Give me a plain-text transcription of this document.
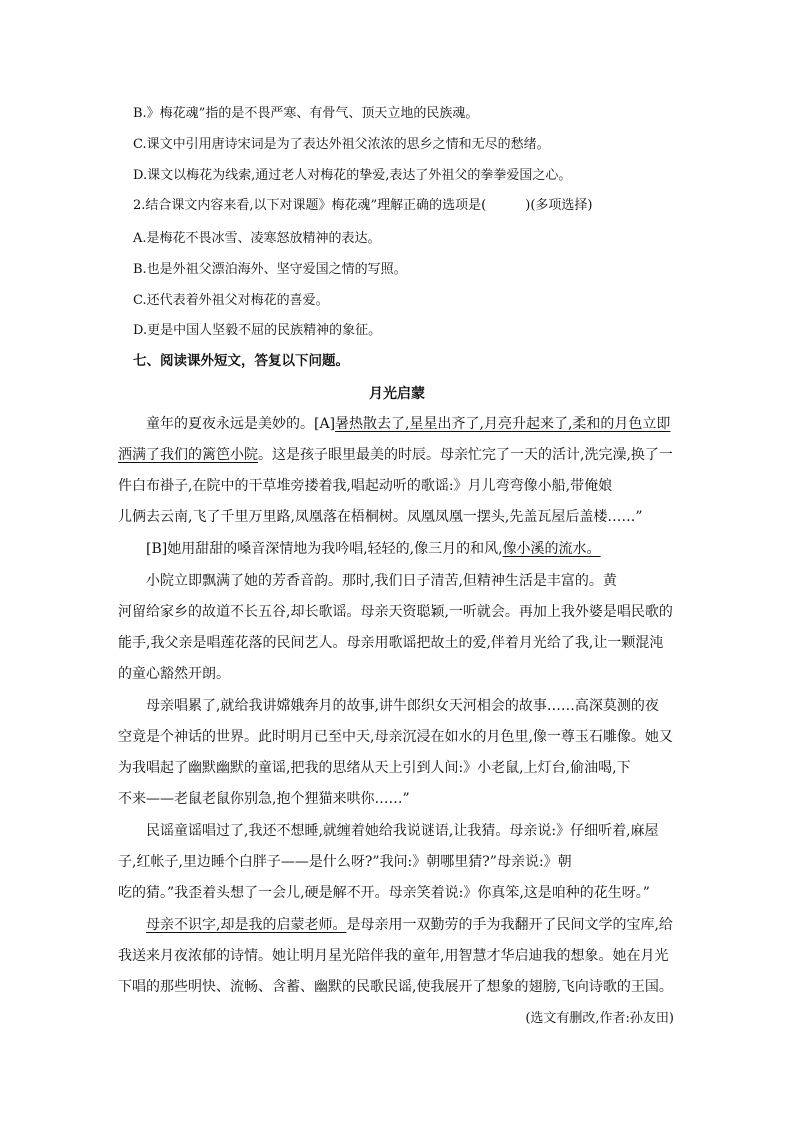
B.》梅花魂”指的是不畏严寒、有骨气、顶天立地的民族魂。
C.课文中引用唐诗宋词是为了表达外祖父浓浓的思乡之情和无尽的愁绪。
D.课文以梅花为线索,通过老人对梅花的挚爱,表达了外祖父的拳拳爱国之心。
2.结合课文内容来看,以下对课题》梅花魂”理解正确的选项是(　　　)(多项选择)
A.是梅花不畏冰雪、凌寒怒放精神的表达。
B.也是外祖父漂泊海外、坚守爱国之情的写照。
C.还代表着外祖父对梅花的喜爱。
D.更是中国人坚毅不屈的民族精神的象征。
七、阅读课外短文，答复以下问题。
月光启蒙
童年的夏夜永远是美妙的。[A]暑热散去了,星星出齐了,月亮升起来了,柔和的月色立即
洒满了我们的篱笆小院。这是孩子眼里最美的时辰。母亲忙完了一天的活计,洗完澡,换了一
件白布褂子,在院中的干草堆旁搂着我,唱起动听的歌谣:》月儿弯弯像小船,带俺娘
儿俩去云南,飞了千里万里路,凤凰落在梧桐树。凤凰凤凰一摆头,先盖瓦屋后盖楼……”
[B]她用甜甜的嗓音深情地为我吟唱,轻轻的,像三月的和风,像小溪的流水。
小院立即飘满了她的芳香音韵。那时,我们日子清苦,但精神生活是丰富的。黄
河留给家乡的故道不长五谷,却长歌谣。母亲天资聪颖,一听就会。再加上我外婆是唱民歌的
能手,我父亲是唱莲花落的民间艺人。母亲用歌谣把故土的爱,伴着月光给了我,让一颗混沌
的童心豁然开朗。
母亲唱累了,就给我讲嫦娥奔月的故事,讲牛郎织女天河相会的故事……高深莫测的夜
空竟是个神话的世界。此时明月已至中天,母亲沉浸在如水的月色里,像一尊玉石雕像。她又
为我唱起了幽默幽默的童谣,把我的思绪从天上引到人间:》小老鼠,上灯台,偷油喝,下
不来——老鼠老鼠你别急,抱个狸猫来哄你……”
民谣童谣唱过了,我还不想睡,就缠着她给我说谜语,让我猜。母亲说:》仔细听着,麻屋
子,红帐子,里边睡个白胖子——是什么呀?”我问:》朝哪里猜?”母亲说:》朝
吃的猜。”我歪着头想了一会儿,硬是解不开。母亲笑着说:》你真笨,这是咱种的花生呀。”
母亲不识字,却是我的启蒙老师。是母亲用一双勤劳的手为我翻开了民间文学的宝库,给
我送来月夜浓郁的诗情。她让明月星光陪伴我的童年,用智慧才华启迪我的想象。她在月光
下唱的那些明快、流畅、含蓄、幽默的民歌民谣,使我展开了想象的翅膀,飞向诗歌的王国。
(选文有删改,作者:孙友田)
